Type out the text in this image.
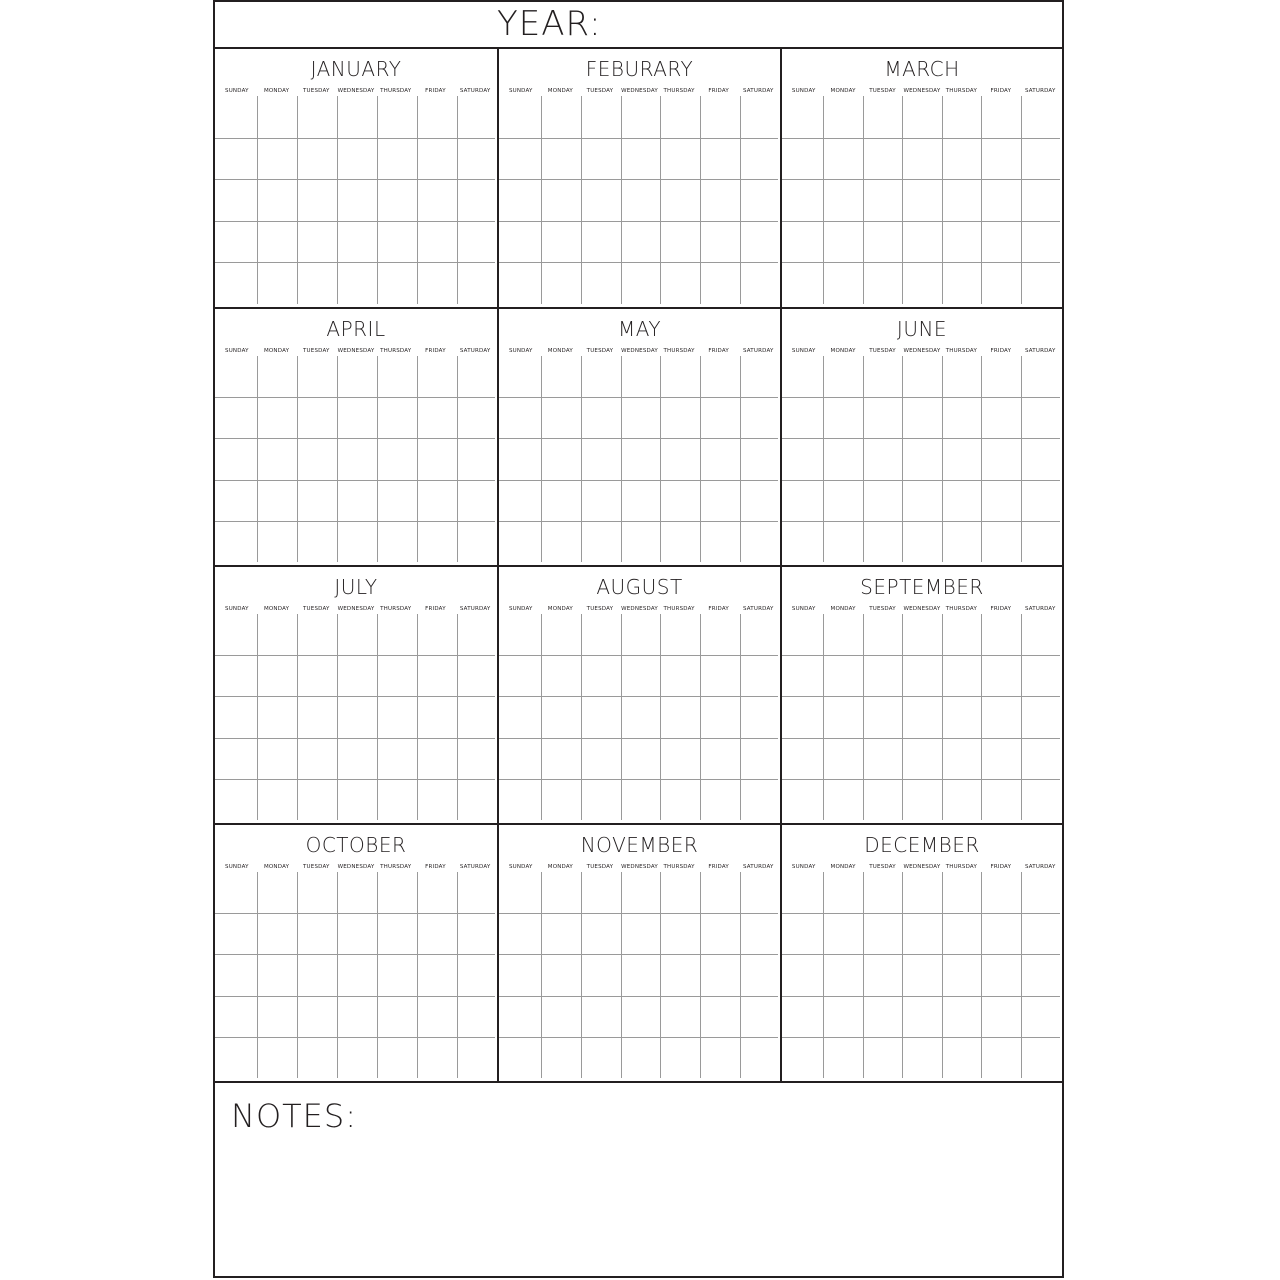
YEAR:
JANUARY
SUNDAY	MONDAY	TUESDAY	WEDNESDAY	THURSDAY	FRIDAY	SATURDAY
FEBURARY
SUNDAY	MONDAY	TUESDAY	WEDNESDAY	THURSDAY	FRIDAY	SATURDAY
MARCH
SUNDAY	MONDAY	TUESDAY	WEDNESDAY THURSDAY	FRIDAY	SATURDAY
APRIL
SUNDAY	MONDAY	TUESDAY	WEDNESDAY	THURSDAY	FRIDAY	SATURDAY
MAY
SUNDAY	MONDAY	TUESDAY	WEDNESDAY	THURSDAY	FRIDAY	SATURDAY
JUNE
SUNDAY	MONDAY	TUESDAY	WEDNESDAY THURSDAY	FRIDAY	SATURDAY
JULY
SUNDAY	MONDAY	TUESDAY	WEDNESDAY	THURSDAY	FRIDAY	SATURDAY
AUGUST
SUNDAY	MONDAY	TUESDAY	WEDNESDAY	THURSDAY	FRIDAY	SATURDAY
SEPTEMBER
SUNDAY	MONDAY	TUESDAY	WEDNESDAY THURSDAY	FRIDAY	SATURDAY
OCTOBER
SUNDAY	MONDAY	TUESDAY	WEDNESDAY	THURSDAY	FRIDAY	SATURDAY
NOVEMBER
SUNDAY	MONDAY	TUESDAY	WEDNESDAY	THURSDAY	FRIDAY	SATURDAY
DECEMBER
SUNDAY	MONDAY	TUESDAY	WEDNESDAY THURSDAY	FRIDAY	SATURDAY
NOTES:
